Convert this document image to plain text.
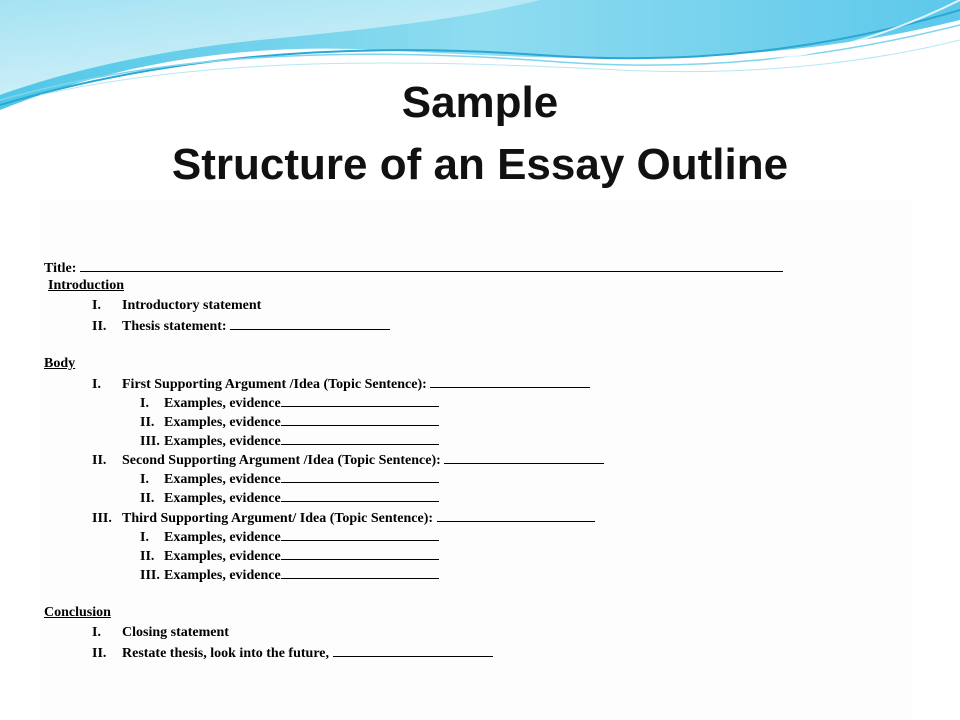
Sample
Structure of an Essay Outline
Title:
Introduction
I. Introductory statement
II. Thesis statement:
Body
I. First Supporting Argument /Idea (Topic Sentence):
I. Examples, evidence
II. Examples, evidence
III. Examples, evidence
II. Second Supporting Argument /Idea (Topic Sentence):
I. Examples, evidence
II. Examples, evidence
III. Third Supporting Argument/ Idea (Topic Sentence):
I. Examples, evidence
II. Examples, evidence
III. Examples, evidence
Conclusion
I. Closing statement
II. Restate thesis, look into the future,
